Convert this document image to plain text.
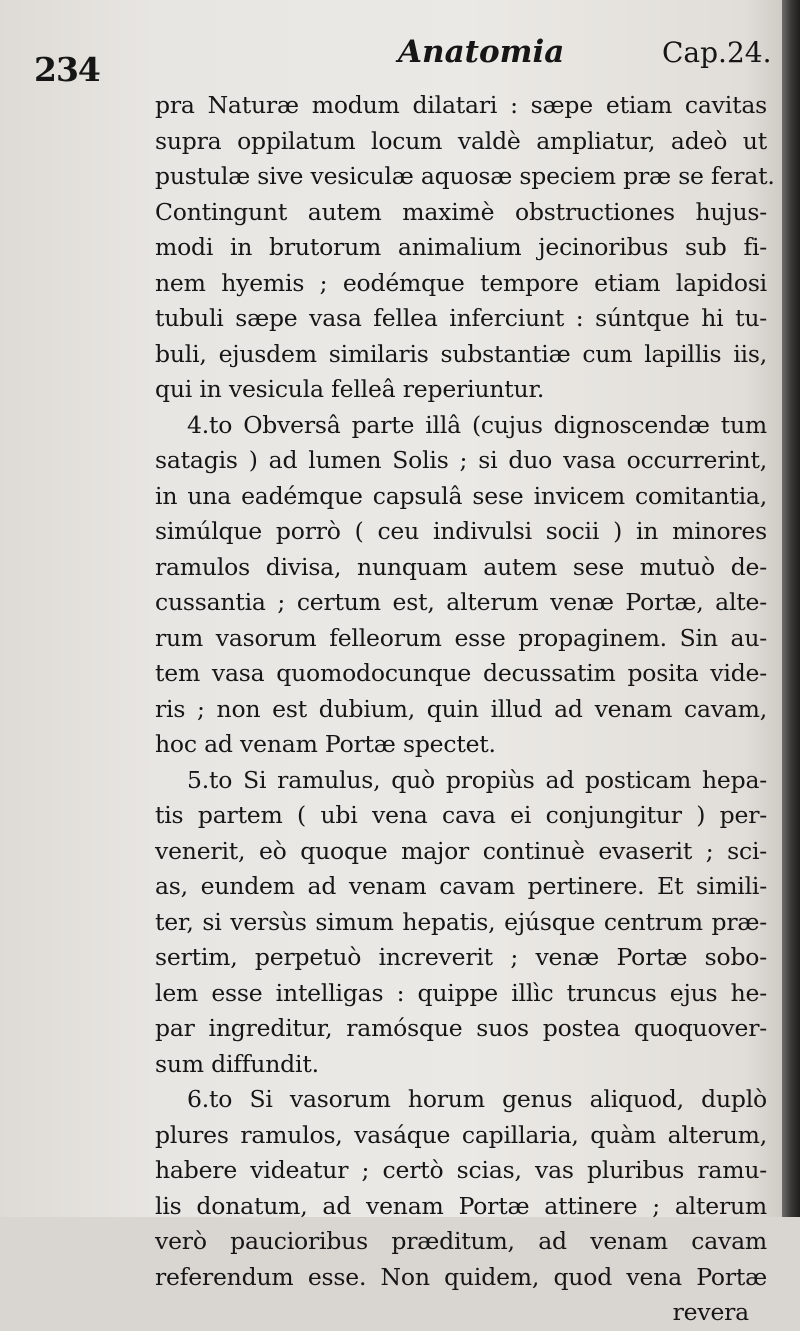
234	Anatomia	Cap.24.
pra Naturæ modum dilatari : sæpe etiam cavitas
supra oppilatum locum valdè ampliatur, adeò ut
pustulæ sive vesiculæ aquosæ speciem præ se ferat.
Contingunt autem maximè obstructiones hujus-
modi in brutorum animalium jecinoribus sub fi-
nem hyemis ; eodémque tempore etiam lapidosi
tubuli sæpe vasa fellea inferciunt : súntque hi tu-
buli, ejusdem similaris substantiæ cum lapillis iis,
qui in vesicula felleâ reperiuntur.
4.to Obversâ parte illâ (cujus dignoscendæ tum
satagis ) ad lumen Solis ; si duo vasa occurrerint,
in una eadémque capsulâ sese invicem comitantia,
simúlque porrò ( ceu indivulsi socii ) in minores
ramulos divisa, nunquam autem sese mutuò de-
cussantia ; certum est, alterum venæ Portæ, alte-
rum vasorum felleorum esse propaginem. Sin au-
tem vasa quomodocunque decussatim posita vide-
ris ; non est dubium, quin illud ad venam cavam,
hoc ad venam Portæ spectet.
5.to Si ramulus, quò propiùs ad posticam hepa-
tis partem ( ubi vena cava ei conjungitur ) per-
venerit, eò quoque major continuè evaserit ; sci-
as, eundem ad venam cavam pertinere. Et simili-
ter, si versùs simum hepatis, ejúsque centrum præ-
sertim, perpetuò increverit ; venæ Portæ sobo-
lem esse intelligas : quippe illìc truncus ejus he-
par ingreditur, ramósque suos postea quoquover-
sum diffundit.
6.to Si vasorum horum genus aliquod, duplò
plures ramulos, vasáque capillaria, quàm alterum,
habere videatur ; certò scias, vas pluribus ramu-
lis donatum, ad venam Portæ attinere ; alterum
verò paucioribus præditum, ad venam cavam
referendum esse. Non quidem, quod vena Portæ
revera
